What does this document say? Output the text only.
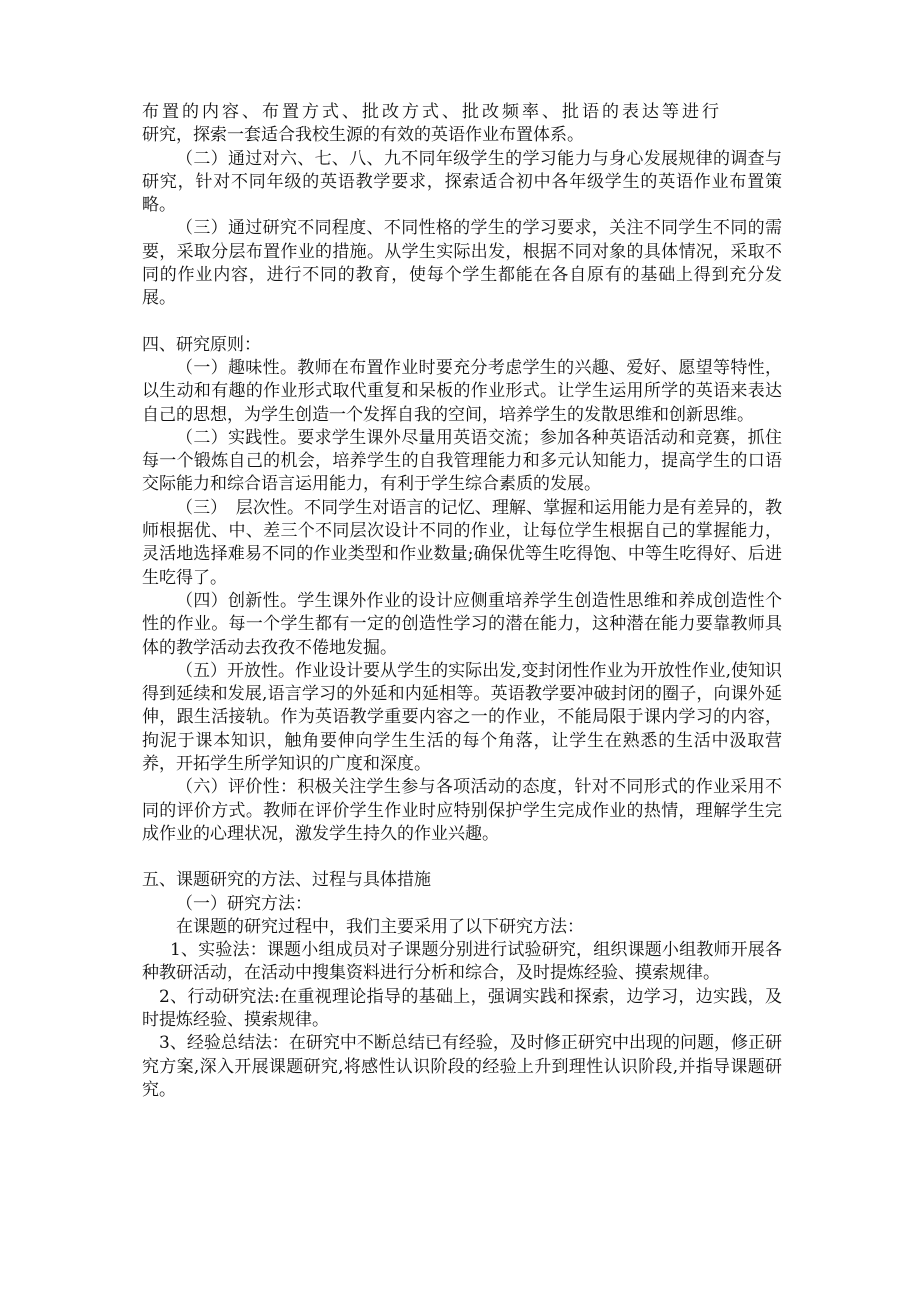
布置的内容、布置方式、批改方式、批改频率、批语的表达等进行

研究，探索一套适合我校生源的有效的英语作业布置体系。

（二）通过对六、七、八、九不同年级学生的学习能力与身心发展规律的调查与研究，针对不同年级的英语教学要求，探索适合初中各年级学生的英语作业布置策略。

（三）通过研究不同程度、不同性格的学生的学习要求，关注不同学生不同的需要，采取分层布置作业的措施。从学生实际出发，根据不同对象的具体情况，采取不同的作业内容，进行不同的教育，使每个学生都能在各自原有的基础上得到充分发展。

四、研究原则：

（一）趣味性。教师在布置作业时要充分考虑学生的兴趣、爱好、愿望等特性，以生动和有趣的作业形式取代重复和呆板的作业形式。让学生运用所学的英语来表达自己的思想，为学生创造一个发挥自我的空间，培养学生的发散思维和创新思维。

（二）实践性。要求学生课外尽量用英语交流；参加各种英语活动和竞赛，抓住每一个锻炼自己的机会，培养学生的自我管理能力和多元认知能力，提高学生的口语交际能力和综合语言运用能力，有利于学生综合素质的发展。

（三）　层次性。不同学生对语言的记忆、理解、掌握和运用能力是有差异的，教师根据优、中、差三个不同层次设计不同的作业，让每位学生根据自己的掌握能力，灵活地选择难易不同的作业类型和作业数量;确保优等生吃得饱、中等生吃得好、后进生吃得了。

（四）创新性。学生课外作业的设计应侧重培养学生创造性思维和养成创造性个性的作业。每一个学生都有一定的创造性学习的潜在能力，这种潜在能力要靠教师具体的教学活动去孜孜不倦地发掘。

（五）开放性。作业设计要从学生的实际出发,变封闭性作业为开放性作业,使知识得到延续和发展,语言学习的外延和内延相等。英语教学要冲破封闭的圈子，向课外延伸，跟生活接轨。作为英语教学重要内容之一的作业，不能局限于课内学习的内容，拘泥于课本知识，触角要伸向学生生活的每个角落，让学生在熟悉的生活中汲取营养，开拓学生所学知识的广度和深度。

（六）评价性：积极关注学生参与各项活动的态度，针对不同形式的作业采用不同的评价方式。教师在评价学生作业时应特别保护学生完成作业的热情，理解学生完成作业的心理状况，激发学生持久的作业兴趣。

五、课题研究的方法、过程与具体措施

（一）研究方法：

在课题的研究过程中，我们主要采用了以下研究方法：

1、实验法：课题小组成员对子课题分别进行试验研究，组织课题小组教师开展各种教研活动，在活动中搜集资料进行分析和综合，及时提炼经验、摸索规律。

2、行动研究法:在重视理论指导的基础上，强调实践和探索，边学习，边实践，及时提炼经验、摸索规律。

3、经验总结法：在研究中不断总结已有经验，及时修正研究中出现的问题，修正研究方案,深入开展课题研究,将感性认识阶段的经验上升到理性认识阶段,并指导课题研究。
